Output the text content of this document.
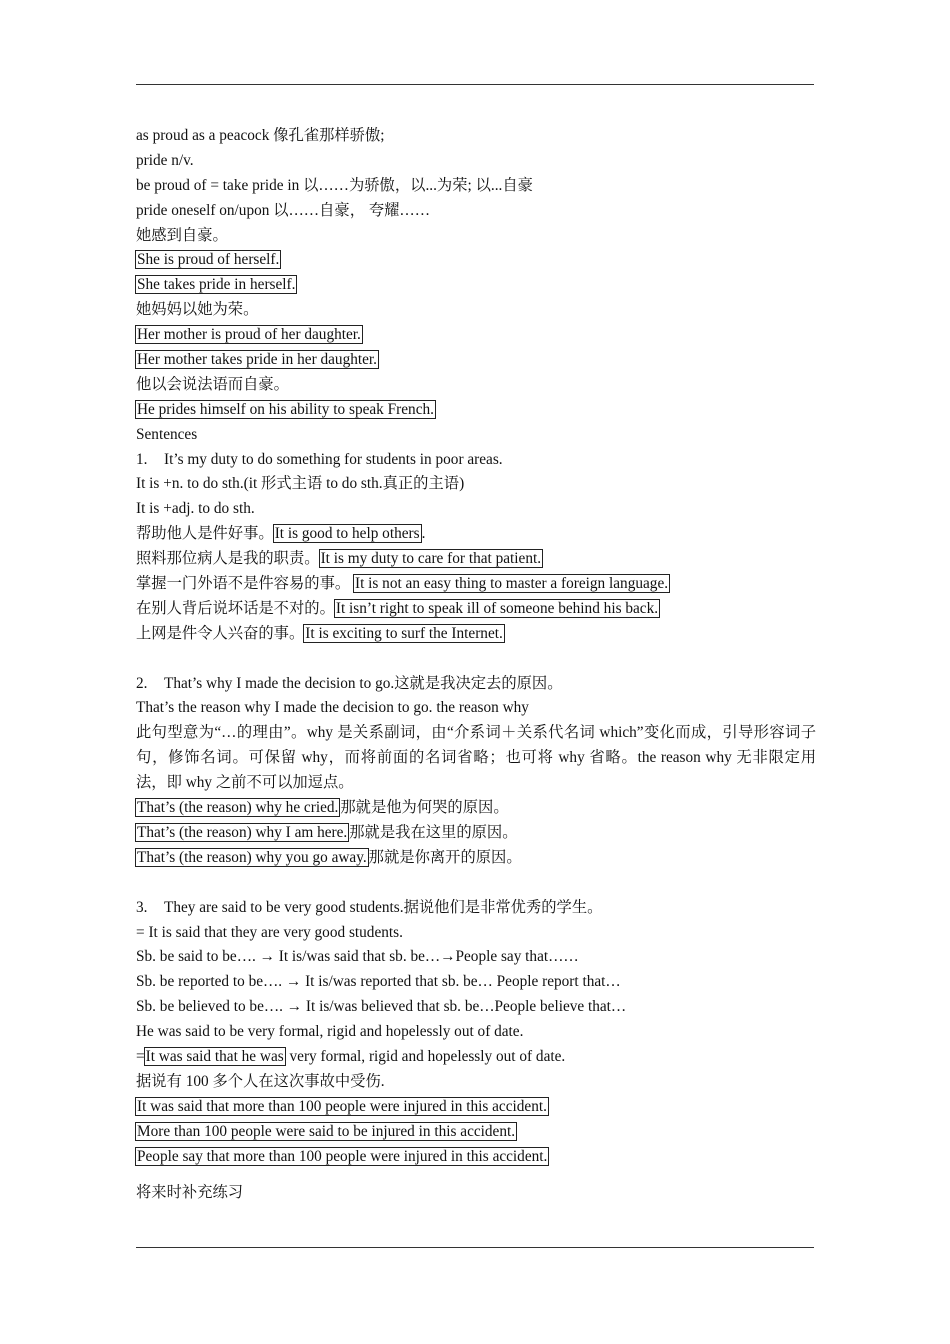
as proud as a peacock 像孔雀那样骄傲;
pride n/v.
be proud of = take pride in 以……为骄傲，以...为荣; 以...自豪
pride oneself on/upon 以……自豪， 夸耀……
她感到自豪。
She is proud of herself.
She takes pride in herself.
她妈妈以她为荣。
Her mother is proud of her daughter.
Her mother takes pride in her daughter.
他以会说法语而自豪。
He prides himself on his ability to speak French.
Sentences
1. It’s my duty to do something for students in poor areas.
It is +n. to do sth.(it 形式主语 to do sth.真正的主语)
It is +adj. to do sth.
帮助他人是件好事。It is good to help others .
照料那位病人是我的职责。It is my duty to care for that patient.
掌握一门外语不是件容易的事。 It is not an easy thing to master a foreign language.
在别人背后说坏话是不对的。It isn’t right to speak ill of someone behind his back.
上网是件令人兴奋的事。It is exciting to surf the Internet.
2. That’s why I made the decision to go.这就是我决定去的原因。
That’s the reason why I made the decision to go. the reason why
此句型意为“…的理由”。why 是关系副词，由“介系词＋关系代名词 which”变化而成，引导形容词子句，修饰名词。可保留 why，而将前面的名词省略；也可将 why 省略。the reason why 无非限定用法，即 why 之前不可以加逗点。
That’s (the reason) why he cried. 那就是他为何哭的原因。
That’s (the reason) why I am here. 那就是我在这里的原因。
That’s (the reason) why you go away. 那就是你离开的原因。
3. They are said to be very good students.据说他们是非常优秀的学生。
= It is said that they are very good students.
Sb. be said to be…. → It is/was said that sb. be…→People say that……
Sb. be reported to be…. → It is/was reported that sb. be… People report that…
Sb. be believed to be…. → It is/was believed that sb. be…People believe that…
He was said to be very formal, rigid and hopelessly out of date.
=It was said that he was very formal, rigid and hopelessly out of date.
据说有 100 多个人在这次事故中受伤.
It was said that more than 100 people were injured in this accident.
More than 100 people were said to be injured in this accident.
People say that more than 100 people were injured in this accident.
将来时补充练习
